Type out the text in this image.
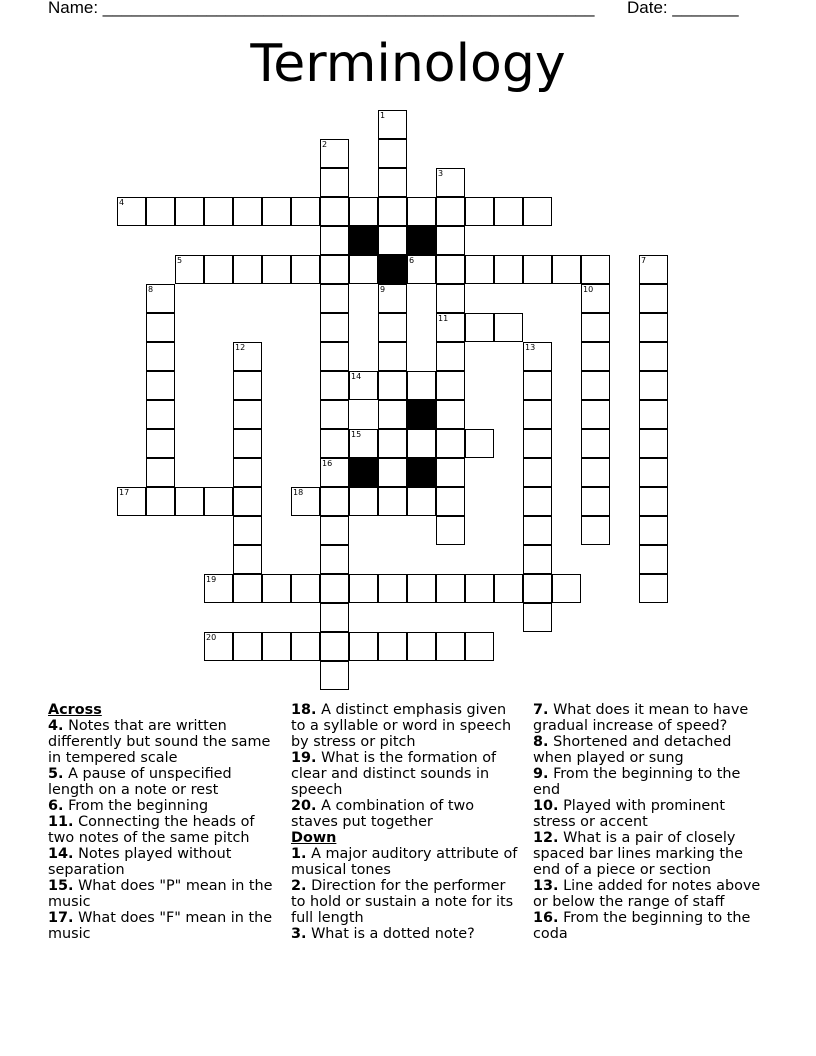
Name: ____________________________________________________ Date: _______
Terminology
4
5	6
11
14
15
17	18
19
20
1
9
2
16
3
7
8	10
12	13
Across
4. Notes that are written differently but sound the same in tempered scale
5. A pause of unspecified length on a note or rest
6. From the beginning
11. Connecting the heads of two notes of the same pitch
14. Notes played without separation
15. What does "P" mean in the music
17. What does "F" mean in the music
18. A distinct emphasis given to a syllable or word in speech by stress or pitch
19. What is the formation of clear and distinct sounds in speech
20. A combination of two staves put together
Down
1. A major auditory attribute of musical tones
2. Direction for the performer to hold or sustain a note for its full length
3. What is a dotted note?
7. What does it mean to have gradual increase of speed?
8. Shortened and detached when played or sung
9. From the beginning to the end
10. Played with prominent stress or accent
12. What is a pair of closely spaced bar lines marking the end of a piece or section
13. Line added for notes above or below the range of staff
16. From the beginning to the coda
